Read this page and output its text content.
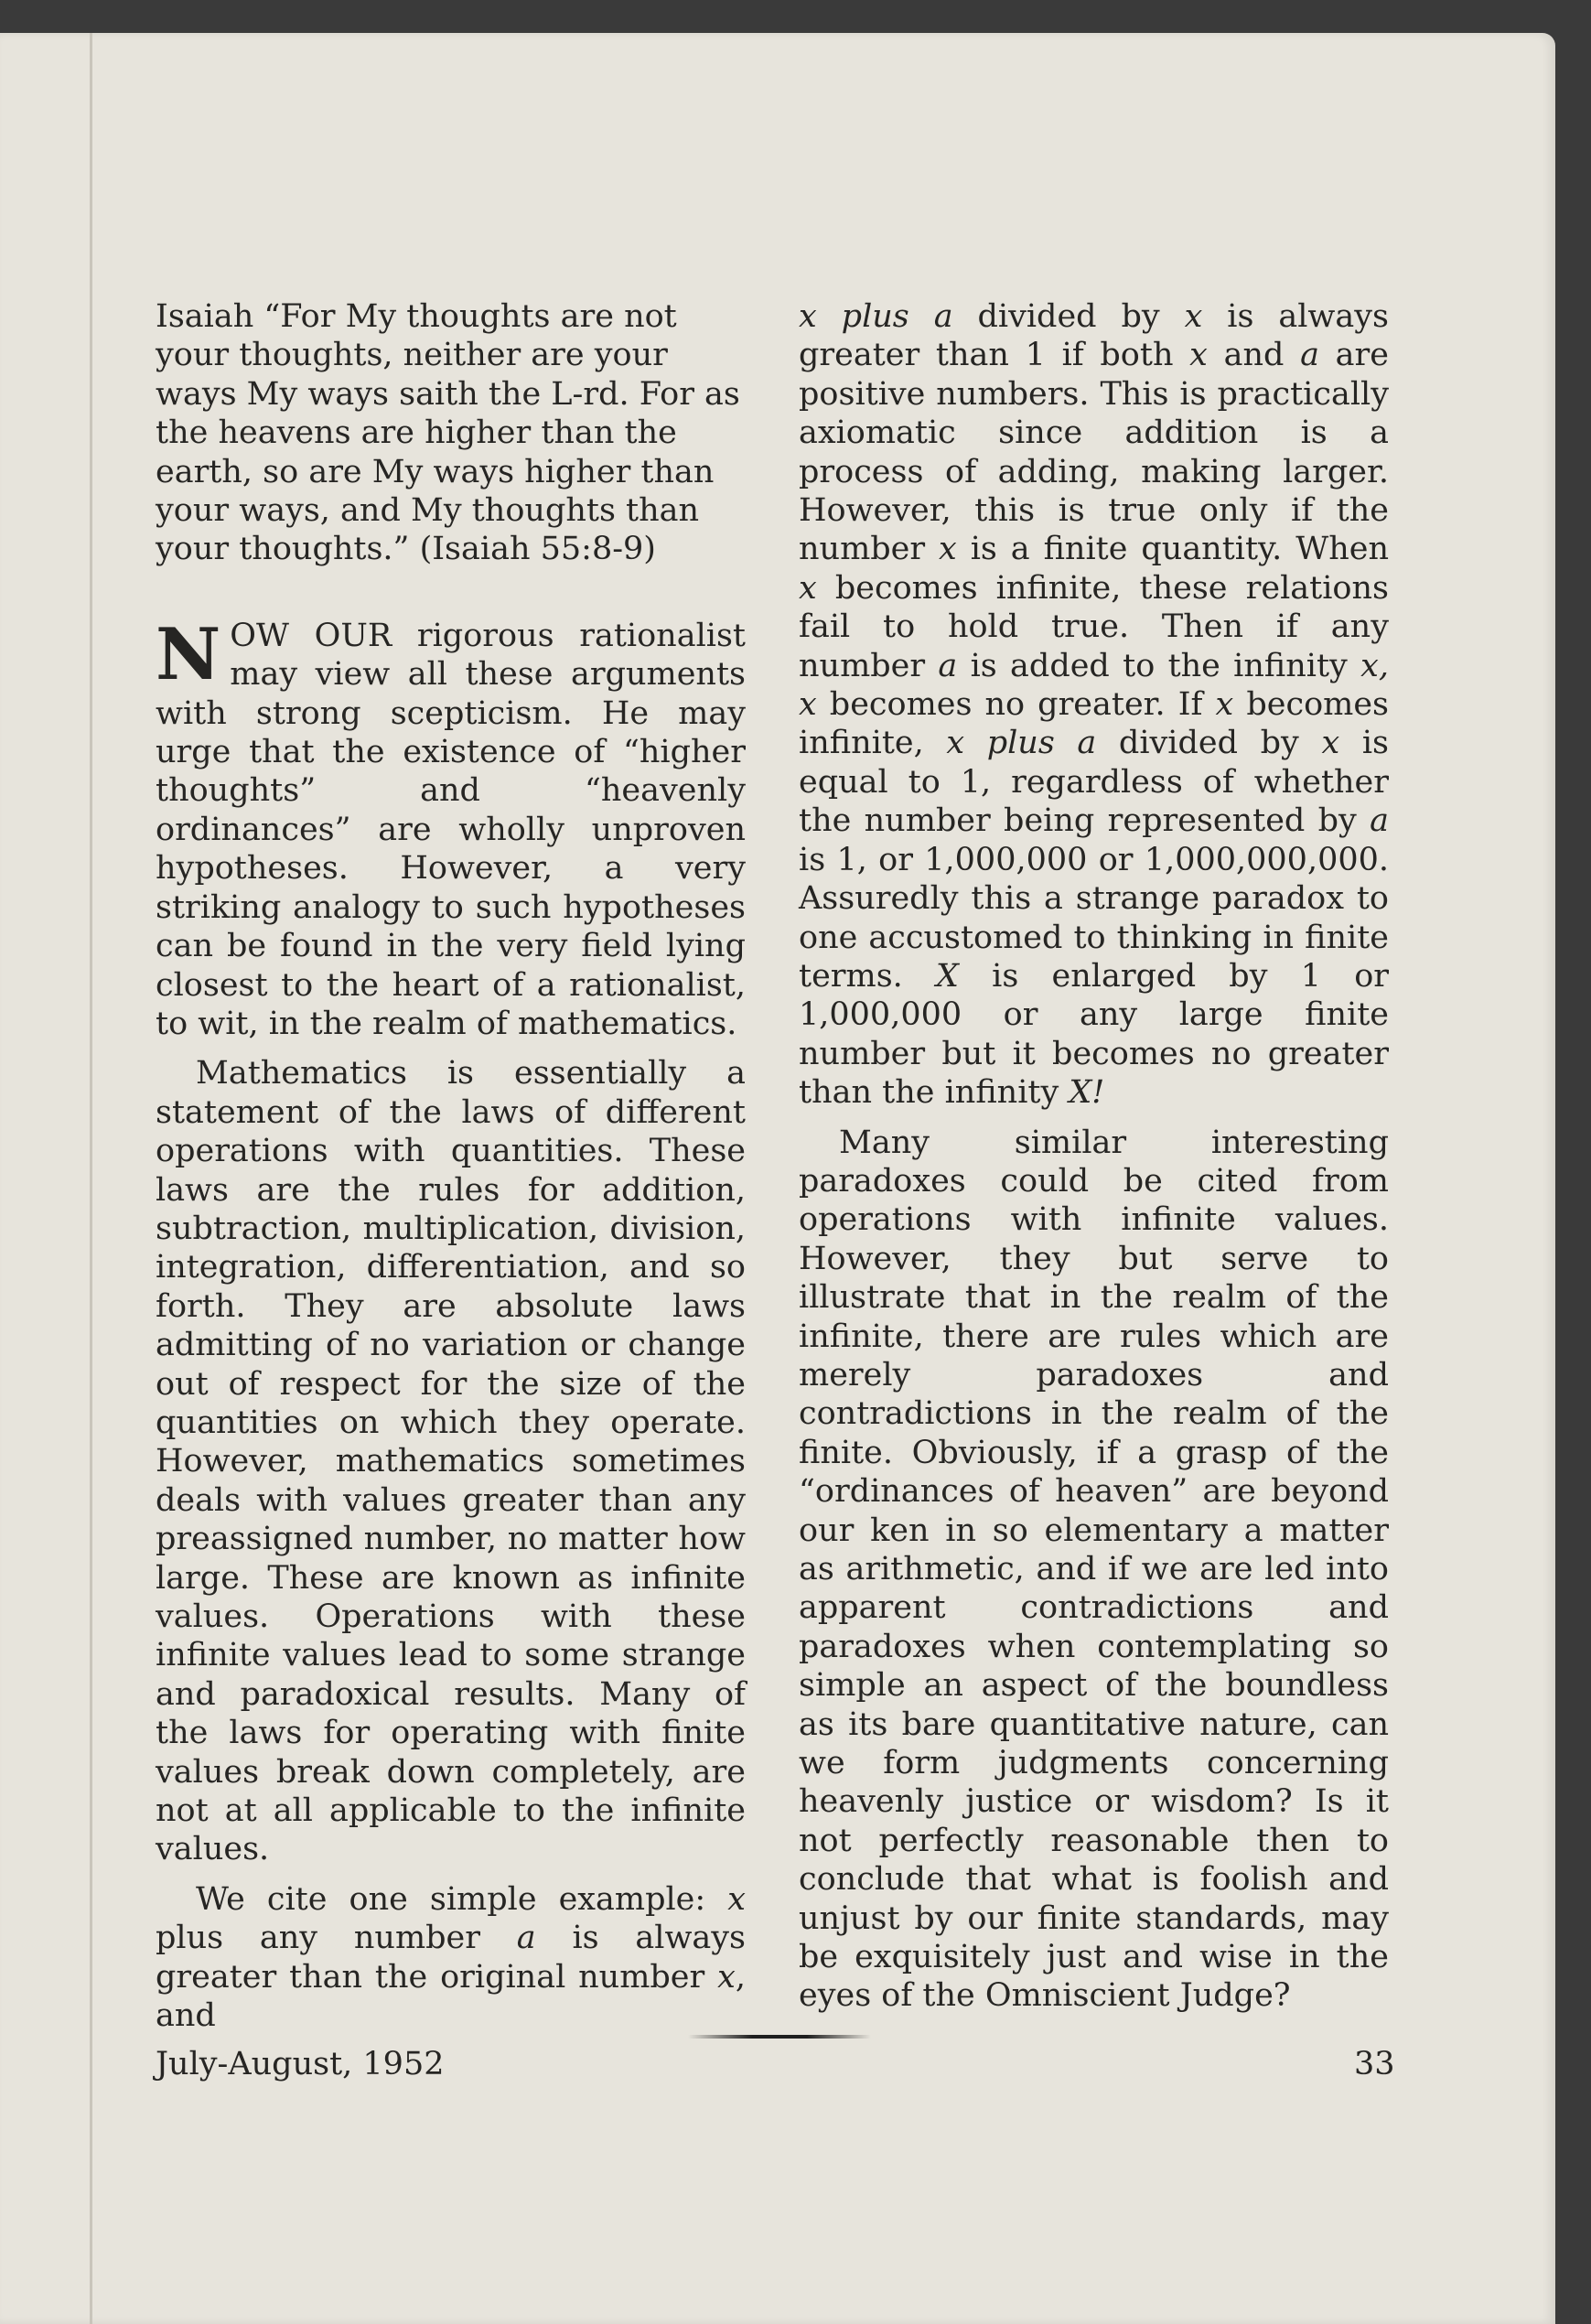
Isaiah “For My thoughts are not your thoughts, neither are your ways My ways saith the L-rd. For as the heavens are higher than the earth, so are My ways higher than your ways, and My thoughts than your thoughts.” (Isaiah 55:8-9)

NOW OUR rigorous rationalist may view all these arguments with strong scepticism. He may urge that the existence of “higher thoughts” and “heavenly ordinances” are wholly unproven hypotheses. However, a very striking analogy to such hypotheses can be found in the very field lying closest to the heart of a rationalist, to wit, in the realm of mathematics.

Mathematics is essentially a statement of the laws of different operations with quantities. These laws are the rules for addition, subtraction, multiplication, division, integration, differentiation, and so forth. They are absolute laws admitting of no variation or change out of respect for the size of the quantities on which they operate. However, mathematics sometimes deals with values greater than any preassigned number, no matter how large. These are known as infinite values. Operations with these infinite values lead to some strange and paradoxical results. Many of the laws for operating with finite values break down completely, are not at all applicable to the infinite values.

We cite one simple example: x plus any number a is always greater than the original number x, and

x plus a divided by x is always greater than 1 if both x and a are positive numbers. This is practically axiomatic since addition is a process of adding, making larger. However, this is true only if the number x is a finite quantity. When x becomes infinite, these relations fail to hold true. Then if any number a is added to the infinity x, x becomes no greater. If x becomes infinite, x plus a divided by x is equal to 1, regardless of whether the number being represented by a is 1, or 1,000,000 or 1,000,000,000. Assuredly this a strange paradox to one accustomed to thinking in finite terms. X is enlarged by 1 or 1,000,000 or any large finite number but it becomes no greater than the infinity X!

Many similar interesting paradoxes could be cited from operations with infinite values. However, they but serve to illustrate that in the realm of the infinite, there are rules which are merely paradoxes and contradictions in the realm of the finite. Obviously, if a grasp of the “ordinances of heaven” are beyond our ken in so elementary a matter as arithmetic, and if we are led into apparent contradictions and paradoxes when contemplating so simple an aspect of the boundless as its bare quantitative nature, can we form judgments concerning heavenly justice or wisdom? Is it not perfectly reasonable then to conclude that what is foolish and unjust by our finite standards, may be exquisitely just and wise in the eyes of the Omniscient Judge?

July-August, 1952	33
